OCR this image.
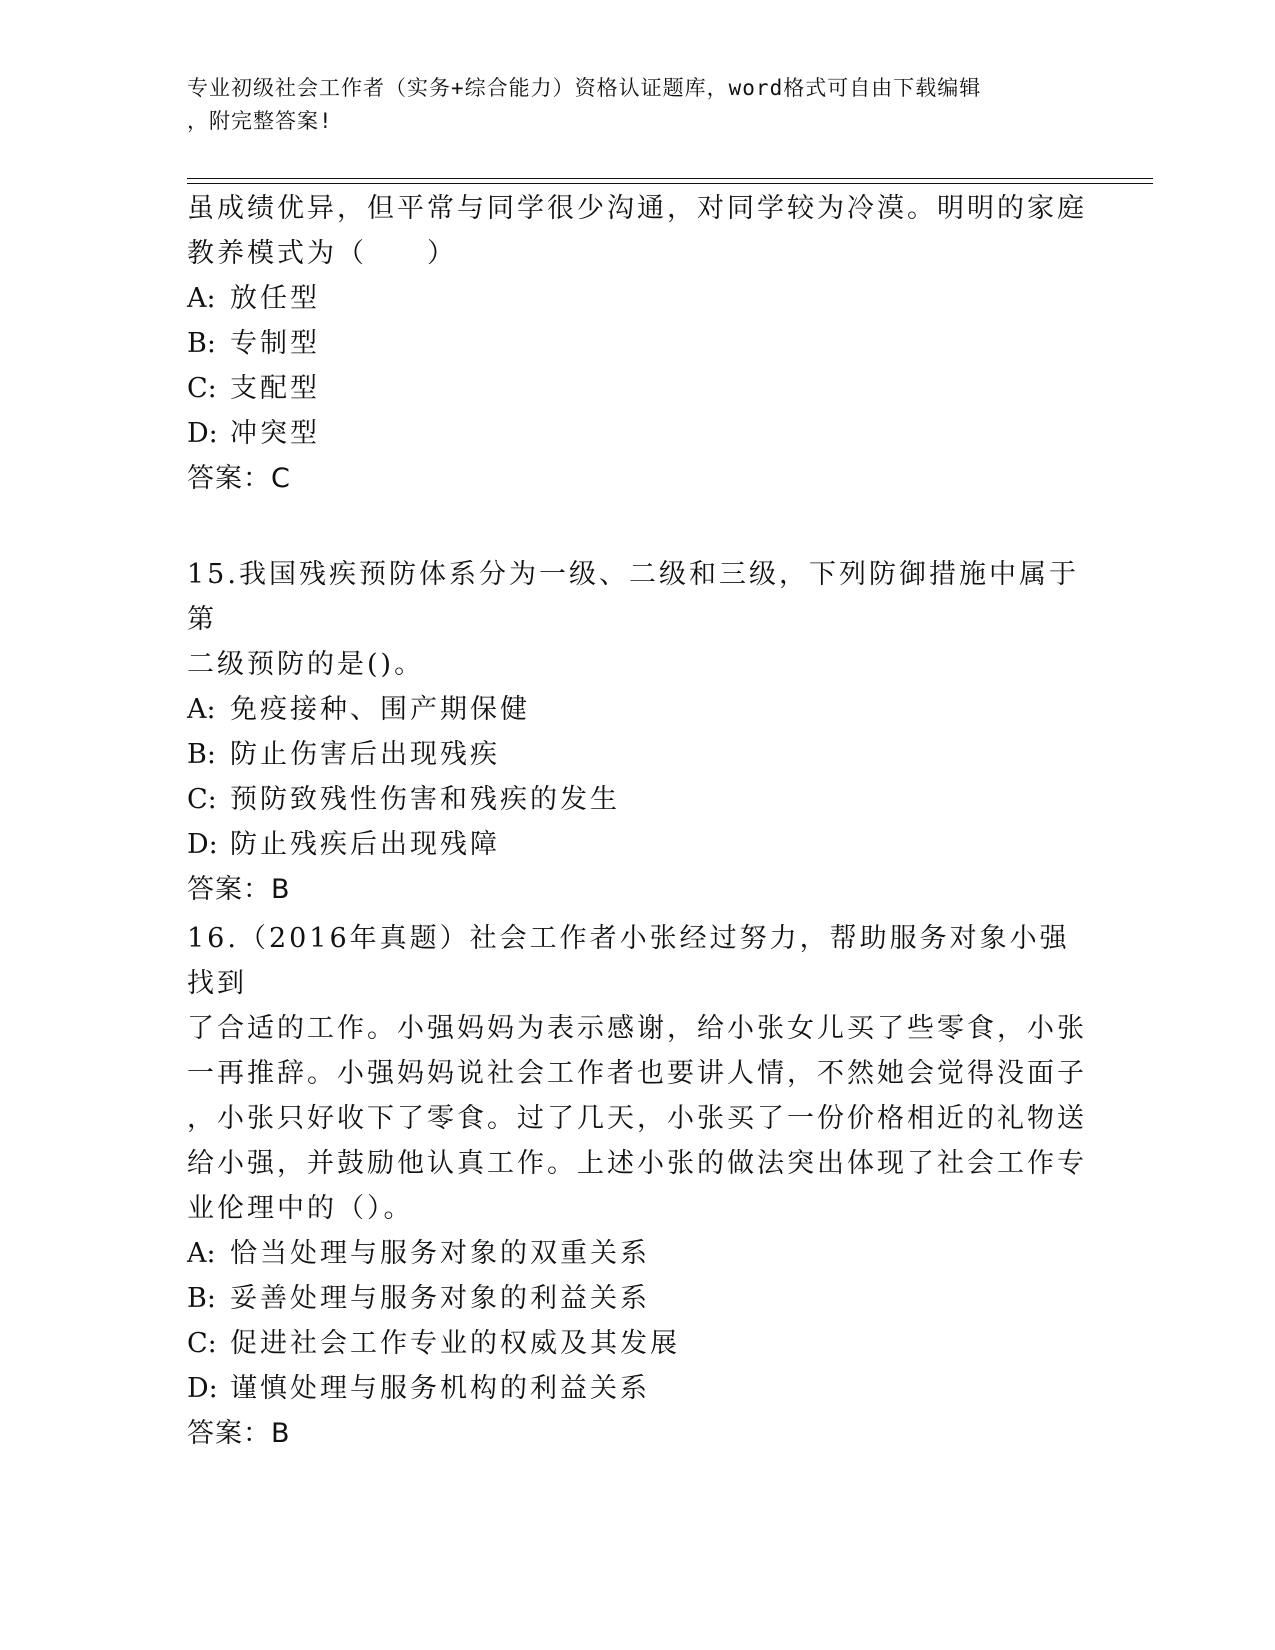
专业初级社会工作者（实务+综合能力）资格认证题库，word格式可自由下载编辑
，附完整答案!

虽成绩优异，但平常与同学很少沟通，对同学较为冷漠。明明的家庭

教养模式为（　　）

A: 放任型

B: 专制型

C: 支配型

D: 冲突型

答案：C

15.我国残疾预防体系分为一级、二级和三级，下列防御措施中属于第

二级预防的是()。

A: 免疫接种、围产期保健

B: 防止伤害后出现残疾

C: 预防致残性伤害和残疾的发生

D: 防止残疾后出现残障

答案：B

16.（2016年真题）社会工作者小张经过努力，帮助服务对象小强找到

了合适的工作。小强妈妈为表示感谢，给小张女儿买了些零食，小张

一再推辞。小强妈妈说社会工作者也要讲人情，不然她会觉得没面子

，小张只好收下了零食。过了几天，小张买了一份价格相近的礼物送

给小强，并鼓励他认真工作。上述小张的做法突出体现了社会工作专

业伦理中的（）。

A: 恰当处理与服务对象的双重关系

B: 妥善处理与服务对象的利益关系

C: 促进社会工作专业的权威及其发展

D: 谨慎处理与服务机构的利益关系

答案：B
